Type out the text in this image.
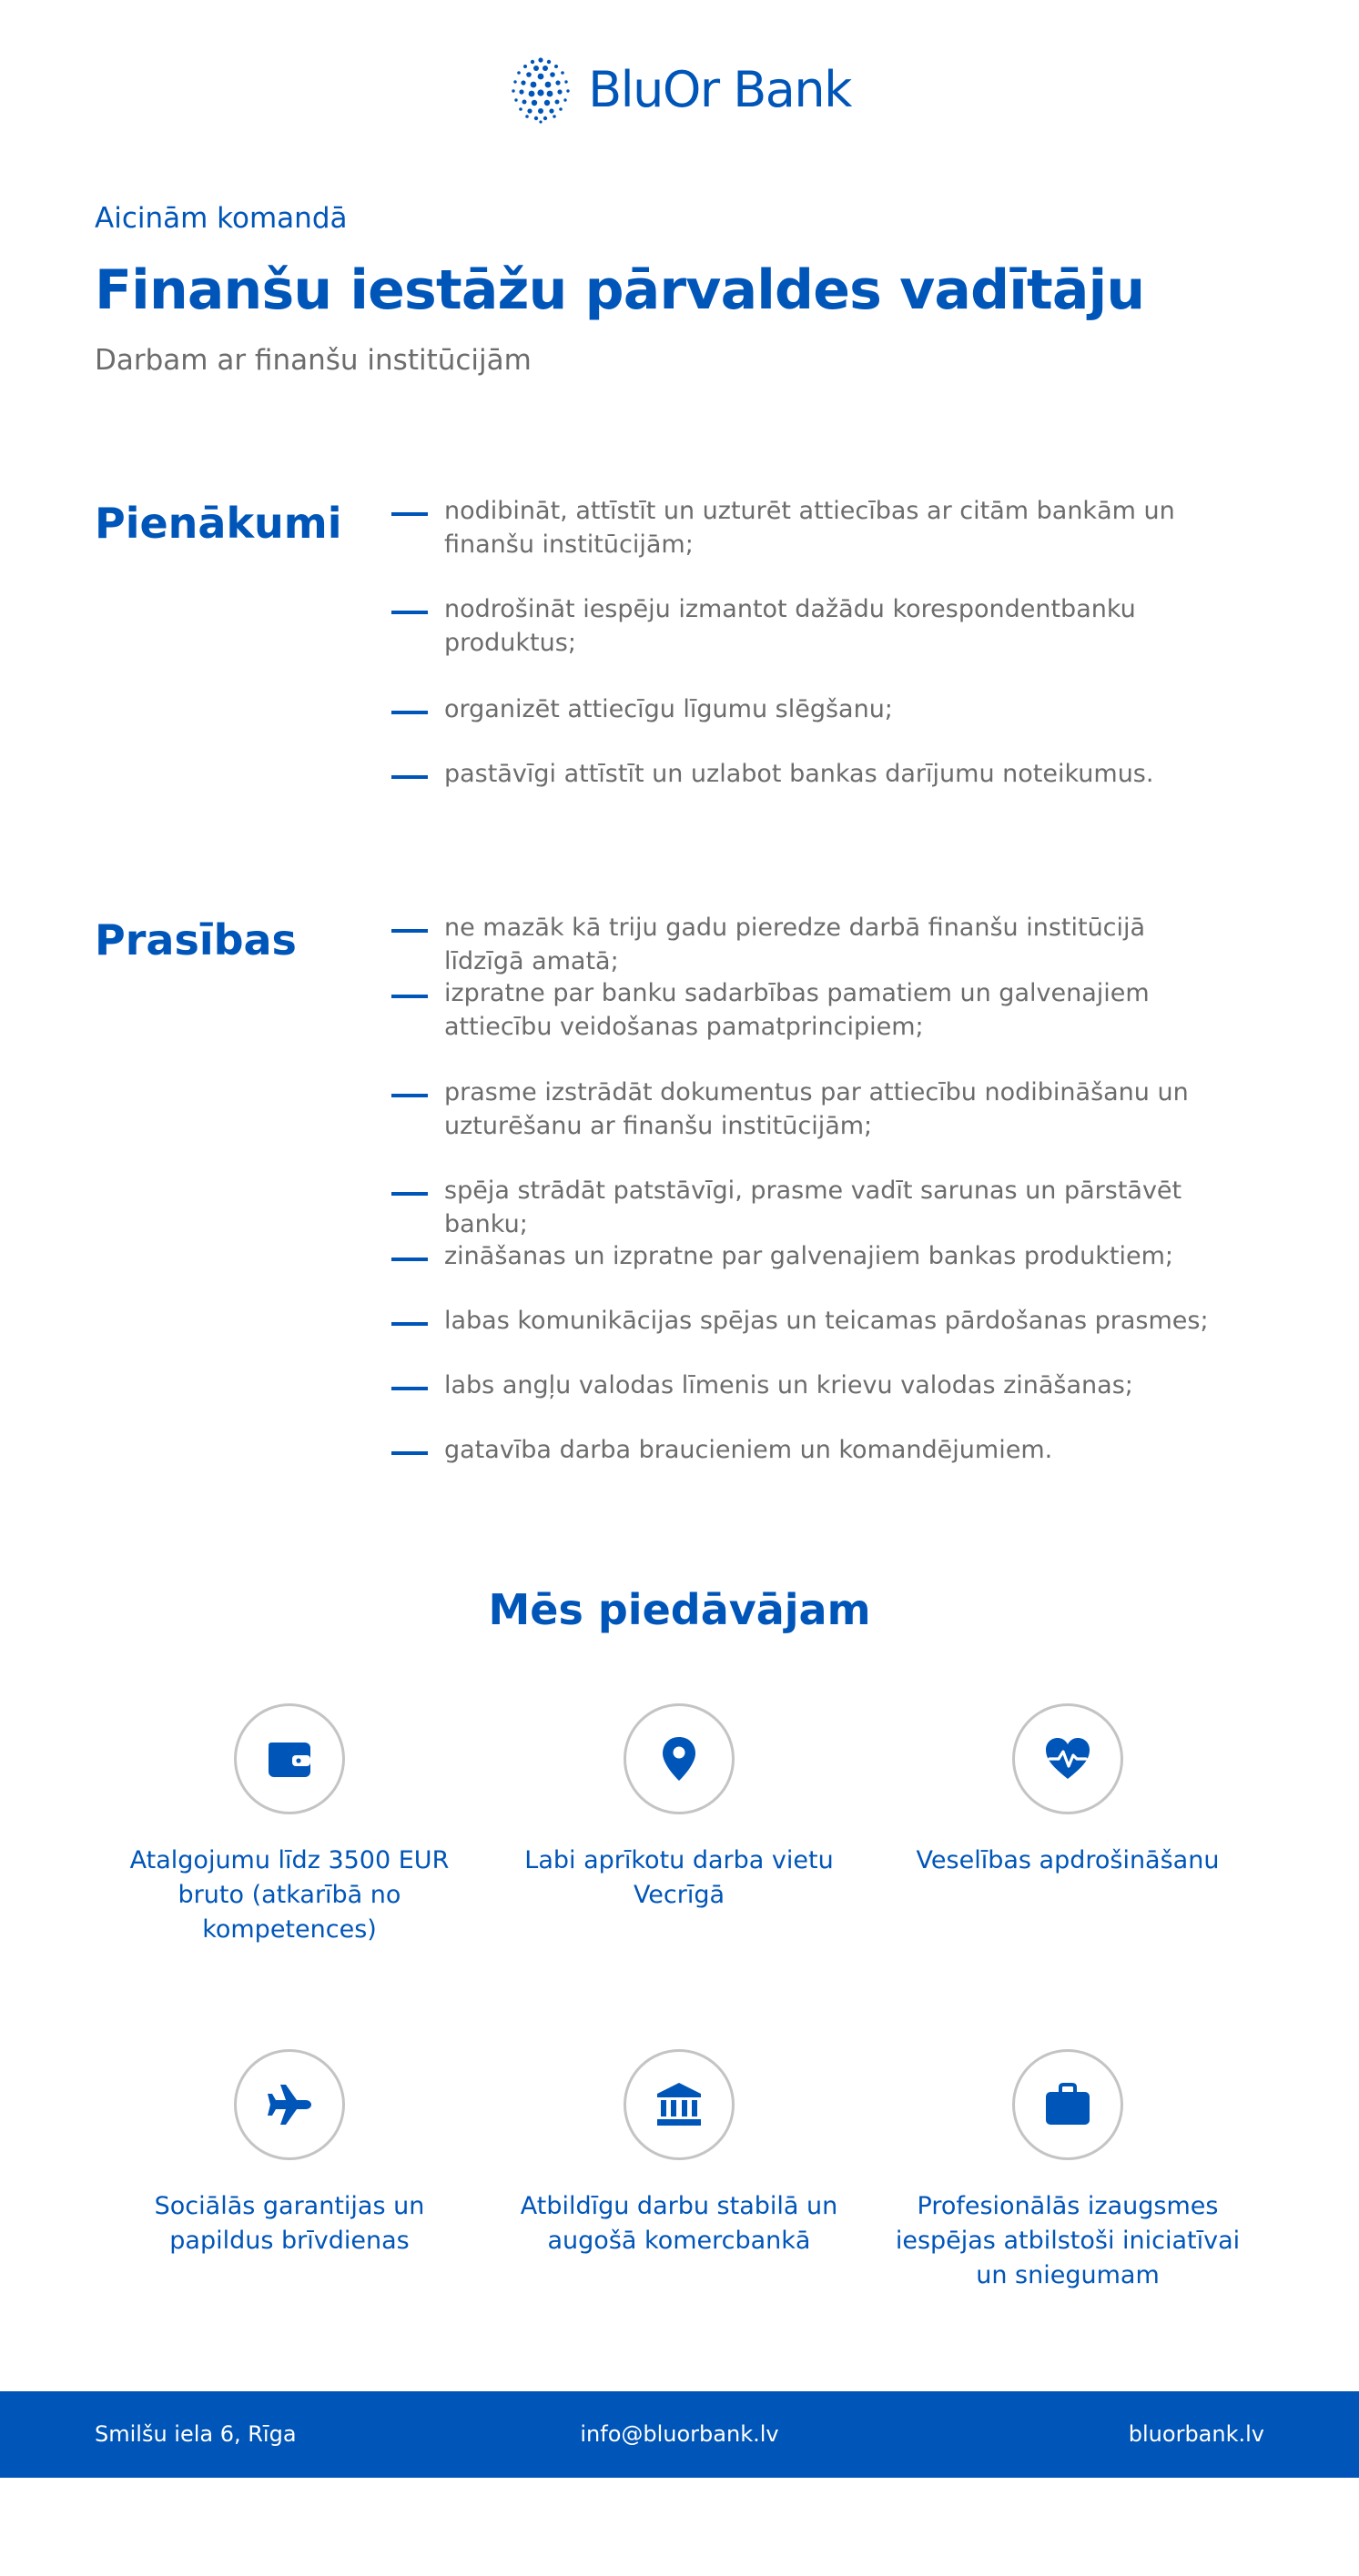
BluOr Bank
Aicinām komandā
Finanšu iestāžu pārvaldes vadītāju
Darbam ar finanšu institūcijām
Pienākumi	nodibināt, attīstīt un uzturēt attiecības ar citām bankām un finanšu institūcijām;
nodrošināt iespēju izmantot dažādu korespondentbanku produktus;
organizēt attiecīgu līgumu slēgšanu;
pastāvīgi attīstīt un uzlabot bankas darījumu noteikumus.
Prasības	ne mazāk kā triju gadu pieredze darbā finanšu institūcijā līdzīgā amatā;
izpratne par banku sadarbības pamatiem un galvenajiem attiecību veidošanas pamatprincipiem;
prasme izstrādāt dokumentus par attiecību nodibināšanu un uzturēšanu ar finanšu institūcijām;
spēja strādāt patstāvīgi, prasme vadīt sarunas un pārstāvēt banku;
zināšanas un izpratne par galvenajiem bankas produktiem;
labas komunikācijas spējas un teicamas pārdošanas prasmes;
labs angļu valodas līmenis un krievu valodas zināšanas;
gatavība darba braucieniem un komandējumiem.
Mēs piedāvājam
Atalgojumu līdz 3500 EUR bruto (atkarībā no kompetences)
Labi aprīkotu darba vietu Vecrīgā
Veselības apdrošināšanu
Sociālās garantijas un papildus brīvdienas
Atbildīgu darbu stabilā un augošā komercbankā
Profesionālās izaugsmes iespējas atbilstoši iniciatīvai un sniegumam
Smilšu iela 6, Rīga	info@bluorbank.lv	bluorbank.lv
